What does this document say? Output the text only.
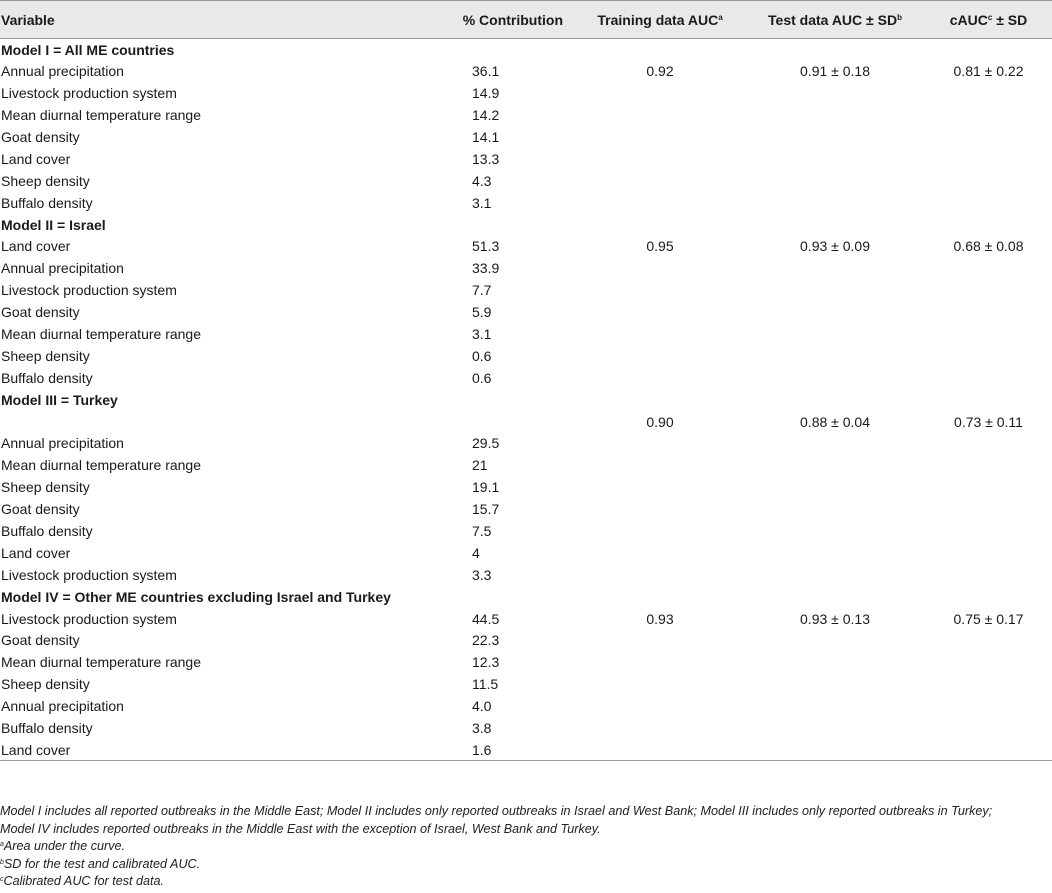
Variable	% Contribution	Training data AUC$^a$	Test data AUC ± $SD^b$	cAUC$^c$ ± SD
Model I = All ME countries				
Annual precipitation	36.1	0.92	0.91 ± 0.18	0.81 ± 0.22
Livestock production system	14.9			
Mean diurnal temperature range	14.2			
Goat density	14.1			
Land cover	13.3			
Sheep density	4.3			
Buffalo density	3.1			
Model II = Israel				
Land cover	51.3	0.95	0.93 ± 0.09	0.68 ± 0.08
Annual precipitation	33.9			
Livestock production system	7.7			
Goat density	5.9			
Mean diurnal temperature range	3.1			
Sheep density	0.6			
Buffalo density	0.6			
Model III = Turkey				
		0.90	0.88 ± 0.04	0.73 ± 0.11
Annual precipitation	29.5			
Mean diurnal temperature range	21			
Sheep density	19.1			
Goat density	15.7			
Buffalo density	7.5			
Land cover	4			
Livestock production system	3.3			
Model IV = Other ME countries excluding Israel and Turkey				
Livestock production system	44.5	0.93	0.93 ± 0.13	0.75 ± 0.17
Goat density	22.3			
Mean diurnal temperature range	12.3			
Sheep density	11.5			
Annual precipitation	4.0			
Buffalo density	3.8			
Land cover	1.6			
Model I includes all reported outbreaks in the Middle East; Model II includes only reported outbreaks in Israel and West Bank; Model III includes only reported outbreaks in Turkey;
Model IV includes reported outbreaks in the Middle East with the exception of Israel, West Bank and Turkey.
$^a$Area under the curve.
$^b$SD for the test and calibrated AUC.
$^c$Calibrated AUC for test data.
